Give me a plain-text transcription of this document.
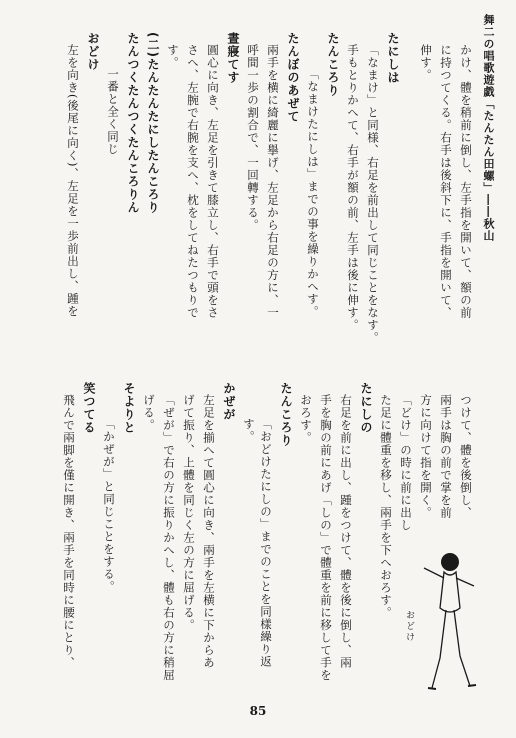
舞二の唱歌遊戯「たんたん田螺」――秋山
かけ、體を稍前に倒し、左手指を開いて、額の前
に持つてくる。右手は後斜下に、手指を開いて、
伸す。
たにしは
「なまけ」と同様、右足を前出して同じことをなす。
手もとりかへて、右手が額の前、左手は後に伸す。
たんころり
「なまけたにしは」までの事を繰りかへす。
たんぼのあぜて
兩手を横に綺麗に擧げ、左足から右足の方に、一
呼間一歩の割合で、一回轉する。
晝寢てす
圓心に向き、左足を引きて膝立し、右手で頭をさ
さへ、左腕で右腕を支へ、枕をしてねたつもりで
す。
(二)たんたんたにしたんころり
たんつくたんつくたんころりん
一番と全く同じ
おどけ
左を向き(後尾に向く)、左足を一歩前出し、踵を
つけて、體を後倒し、
兩手は胸の前で掌を前
方に向けて指を開く。
「どけ」の時に前に出し
た足に體重を移し、兩手を下へおろす。
たにしの
右足を前に出し、踵をつけて、體を後に倒し、兩
手を胸の前にあげ「しの」で體重を前に移して手を
おろす。
たんころり
「おどけたにしの」までのことを同樣繰り返す。
かぜが
左足を揃へて圓心に向き、兩手を左横に下からあ
げて振り、上體を同じく左の方に屈げる。
「ぜが」で右の方に振りかへし、體も右の方に稍屈
げる。
そよりと
「かぜが」と同じことをする。
笑つてる
飛んで兩脚を僅に開き、兩手を同時に腰にとり、	おどけ
85
